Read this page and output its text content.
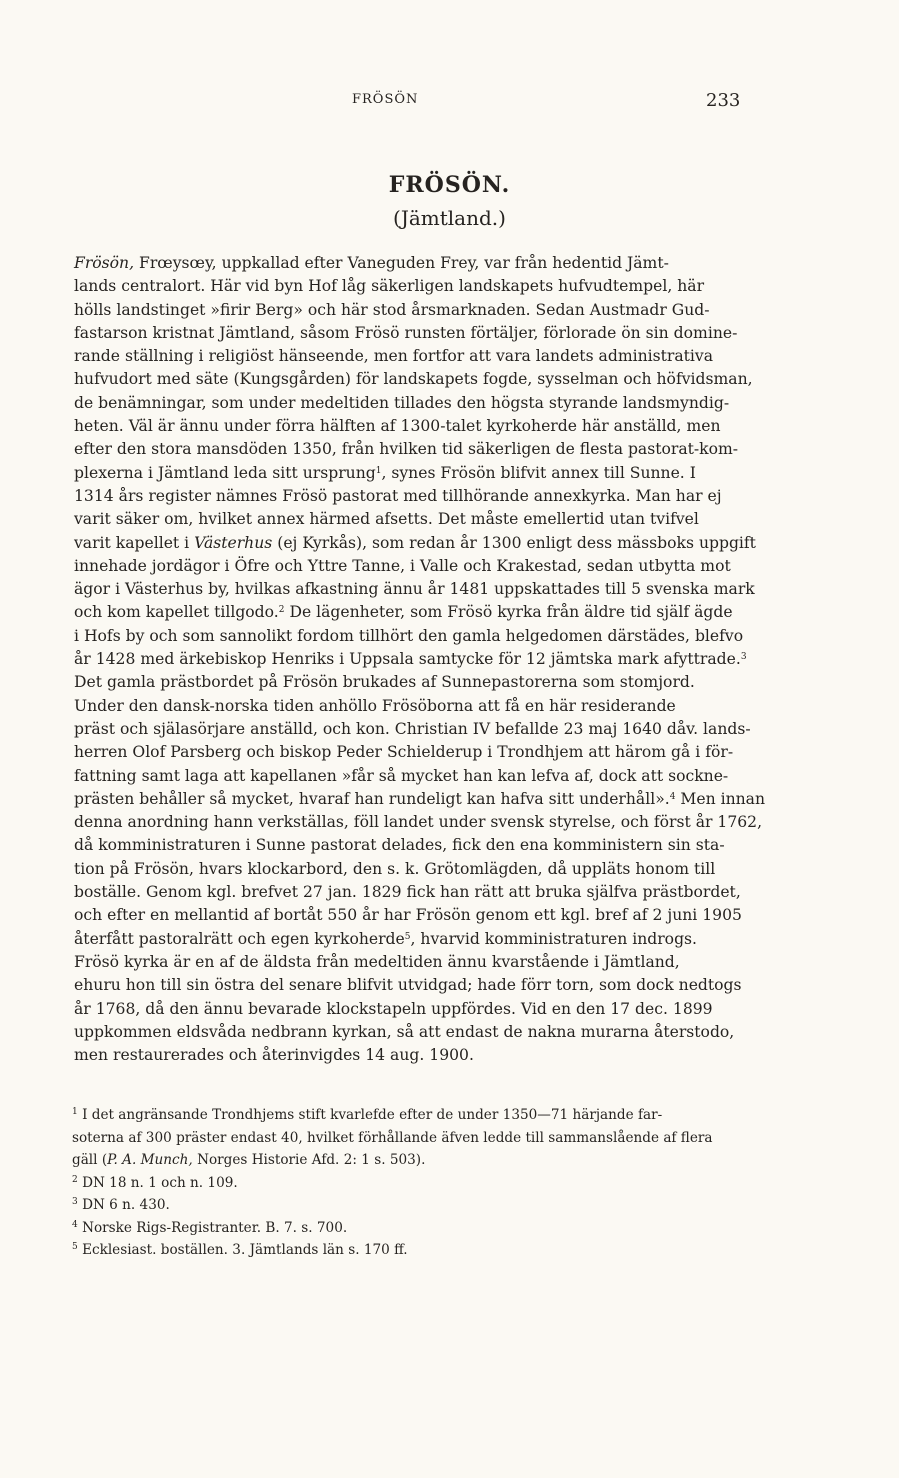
FRÖSÖN	233
FRÖSÖN.
(Jämtland.)

Frösön, Frœysœy, uppkallad efter Vaneguden Frey, var från hedentid Jämt-
lands centralort. Här vid byn Hof låg säkerligen landskapets hufvudtempel, här
hölls landstinget »firir Berg» och här stod årsmarknaden. Sedan Austmadr Gud-
fastarson kristnat Jämtland, såsom Frösö runsten förtäljer, förlorade ön sin domine-
rande ställning i religiöst hänseende, men fortfor att vara landets administrativa
hufvudort med säte (Kungsgården) för landskapets fogde, sysselman och höfvidsman,
de benämningar, som under medeltiden tillades den högsta styrande landsmyndig-
heten. Väl är ännu under förra hälften af 1300-talet kyrkoherde här anställd, men
efter den stora mansdöden 1350, från hvilken tid säkerligen de flesta pastorat-kom-
plexerna i Jämtland leda sitt ursprung$^1$, synes Frösön blifvit annex till Sunne. I
1314 års register nämnes Frösö pastorat med tillhörande annexkyrka. Man har ej
varit säker om, hvilket annex härmed afsetts. Det måste emellertid utan tvifvel
varit kapellet i Västerhus (ej Kyrkås), som redan år 1300 enligt dess mässboks uppgift
innehade jordägor i Öfre och Yttre Tanne, i Valle och Krakestad, sedan utbytta mot
ägor i Västerhus by, hvilkas afkastning ännu år 1481 uppskattades till 5 svenska mark
och kom kapellet tillgodo.$^2$ De lägenheter, som Frösö kyrka från äldre tid själf ägde
i Hofs by och som sannolikt fordom tillhört den gamla helgedomen därstädes, blefvo
år 1428 med ärkebiskop Henriks i Uppsala samtycke för 12 jämtska mark afyttrade.$^3$
Det gamla prästbordet på Frösön brukades af Sunnepastorerna som stomjord.

Under den dansk-norska tiden anhöllo Frösöborna att få en här residerande
präst och själasörjare anställd, och kon. Christian IV befallde 23 maj 1640 dåv. lands-
herren Olof Parsberg och biskop Peder Schielderup i Trondhjem att härom gå i för-
fattning samt laga att kapellanen »får så mycket han kan lefva af, dock att sockne-
prästen behåller så mycket, hvaraf han rundeligt kan hafva sitt underhåll».$^4$ Men innan
denna anordning hann verkställas, föll landet under svensk styrelse, och först år 1762,
då komministraturen i Sunne pastorat delades, fick den ena komministern sin sta-
tion på Frösön, hvars klockarbord, den s. k. Grötomlägden, då uppläts honom till
boställe. Genom kgl. brefvet 27 jan. 1829 fick han rätt att bruka själfva prästbordet,
och efter en mellantid af bortåt 550 år har Frösön genom ett kgl. bref af 2 juni 1905
återfått pastoralrätt och egen kyrkoherde$^5$, hvarvid komministraturen indrogs.

Frösö kyrka är en af de äldsta från medeltiden ännu kvarstående i Jämtland,
ehuru hon till sin östra del senare blifvit utvidgad; hade förr torn, som dock nedtogs
år 1768, då den ännu bevarade klockstapeln uppfördes. Vid en den 17 dec. 1899
uppkommen eldsvåda nedbrann kyrkan, så att endast de nakna murarna återstodo,
men restaurerades och återinvigdes 14 aug. 1900.

$^1$ I det angränsande Trondhjems stift kvarlefde efter de under 1350—71 härjande far-
soterna af 300 präster endast 40, hvilket förhållande äfven ledde till sammanslående af flera
gäll (P. A. Munch, Norges Historie Afd. 2: 1 s. 503).

$^2$ DN 18 n. 1 och n. 109.

$^3$ DN 6 n. 430.

$^4$ Norske Rigs-Registranter. B. 7. s. 700.

$^5$ Ecklesiast. boställen. 3. Jämtlands län s. 170 ff.
